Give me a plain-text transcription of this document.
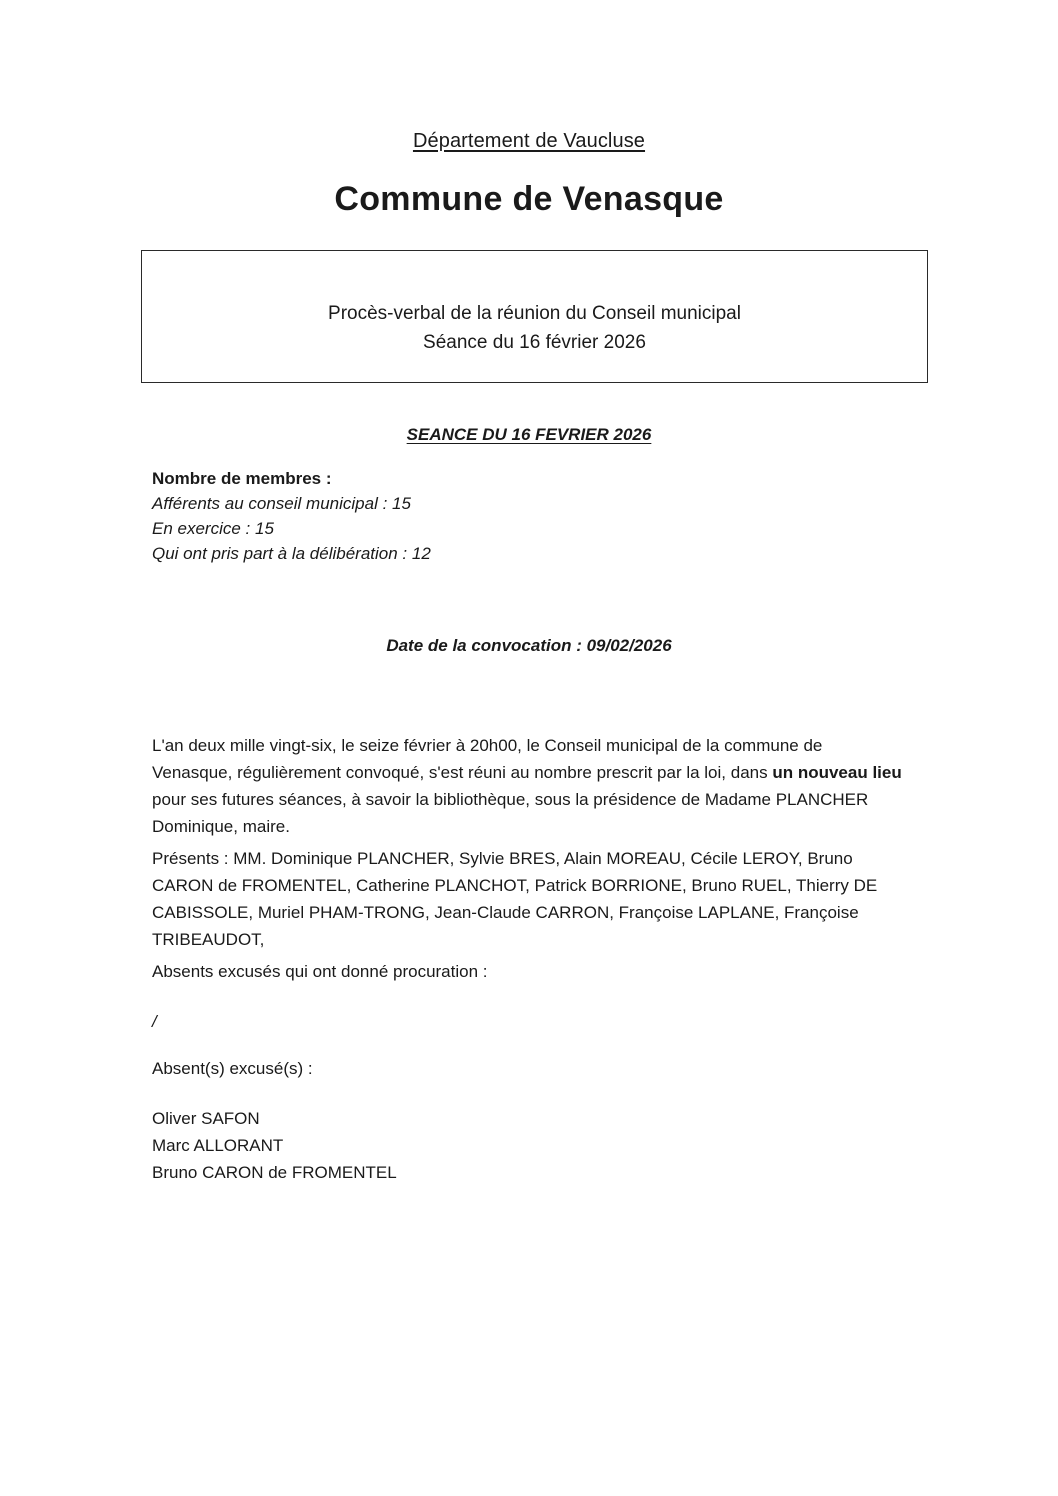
Département de Vaucluse
Commune de Venasque
Procès-verbal de la réunion du Conseil municipal
Séance du 16 février 2026
SEANCE DU 16 FEVRIER 2026
Nombre de membres :
Afférents au conseil municipal : 15
En exercice : 15
Qui ont pris part à la délibération : 12
Date de la convocation : 09/02/2026

L'an deux mille vingt-six, le seize février à 20h00, le Conseil municipal de la commune de Venasque, régulièrement convoqué, s'est réuni au nombre prescrit par la loi, dans un nouveau lieu pour ses futures séances, à savoir la bibliothèque, sous la présidence de Madame PLANCHER Dominique, maire.

Présents : MM. Dominique PLANCHER, Sylvie BRES, Alain MOREAU, Cécile LEROY, Bruno CARON de FROMENTEL, Catherine PLANCHOT, Patrick BORRIONE, Bruno RUEL, Thierry DE CABISSOLE, Muriel PHAM-TRONG, Jean-Claude CARRON, Françoise LAPLANE, Françoise TRIBEAUDOT,

Absents excusés qui ont donné procuration :

/

Absent(s) excusé(s) :

Oliver SAFON

Marc ALLORANT

Bruno CARON de FROMENTEL
